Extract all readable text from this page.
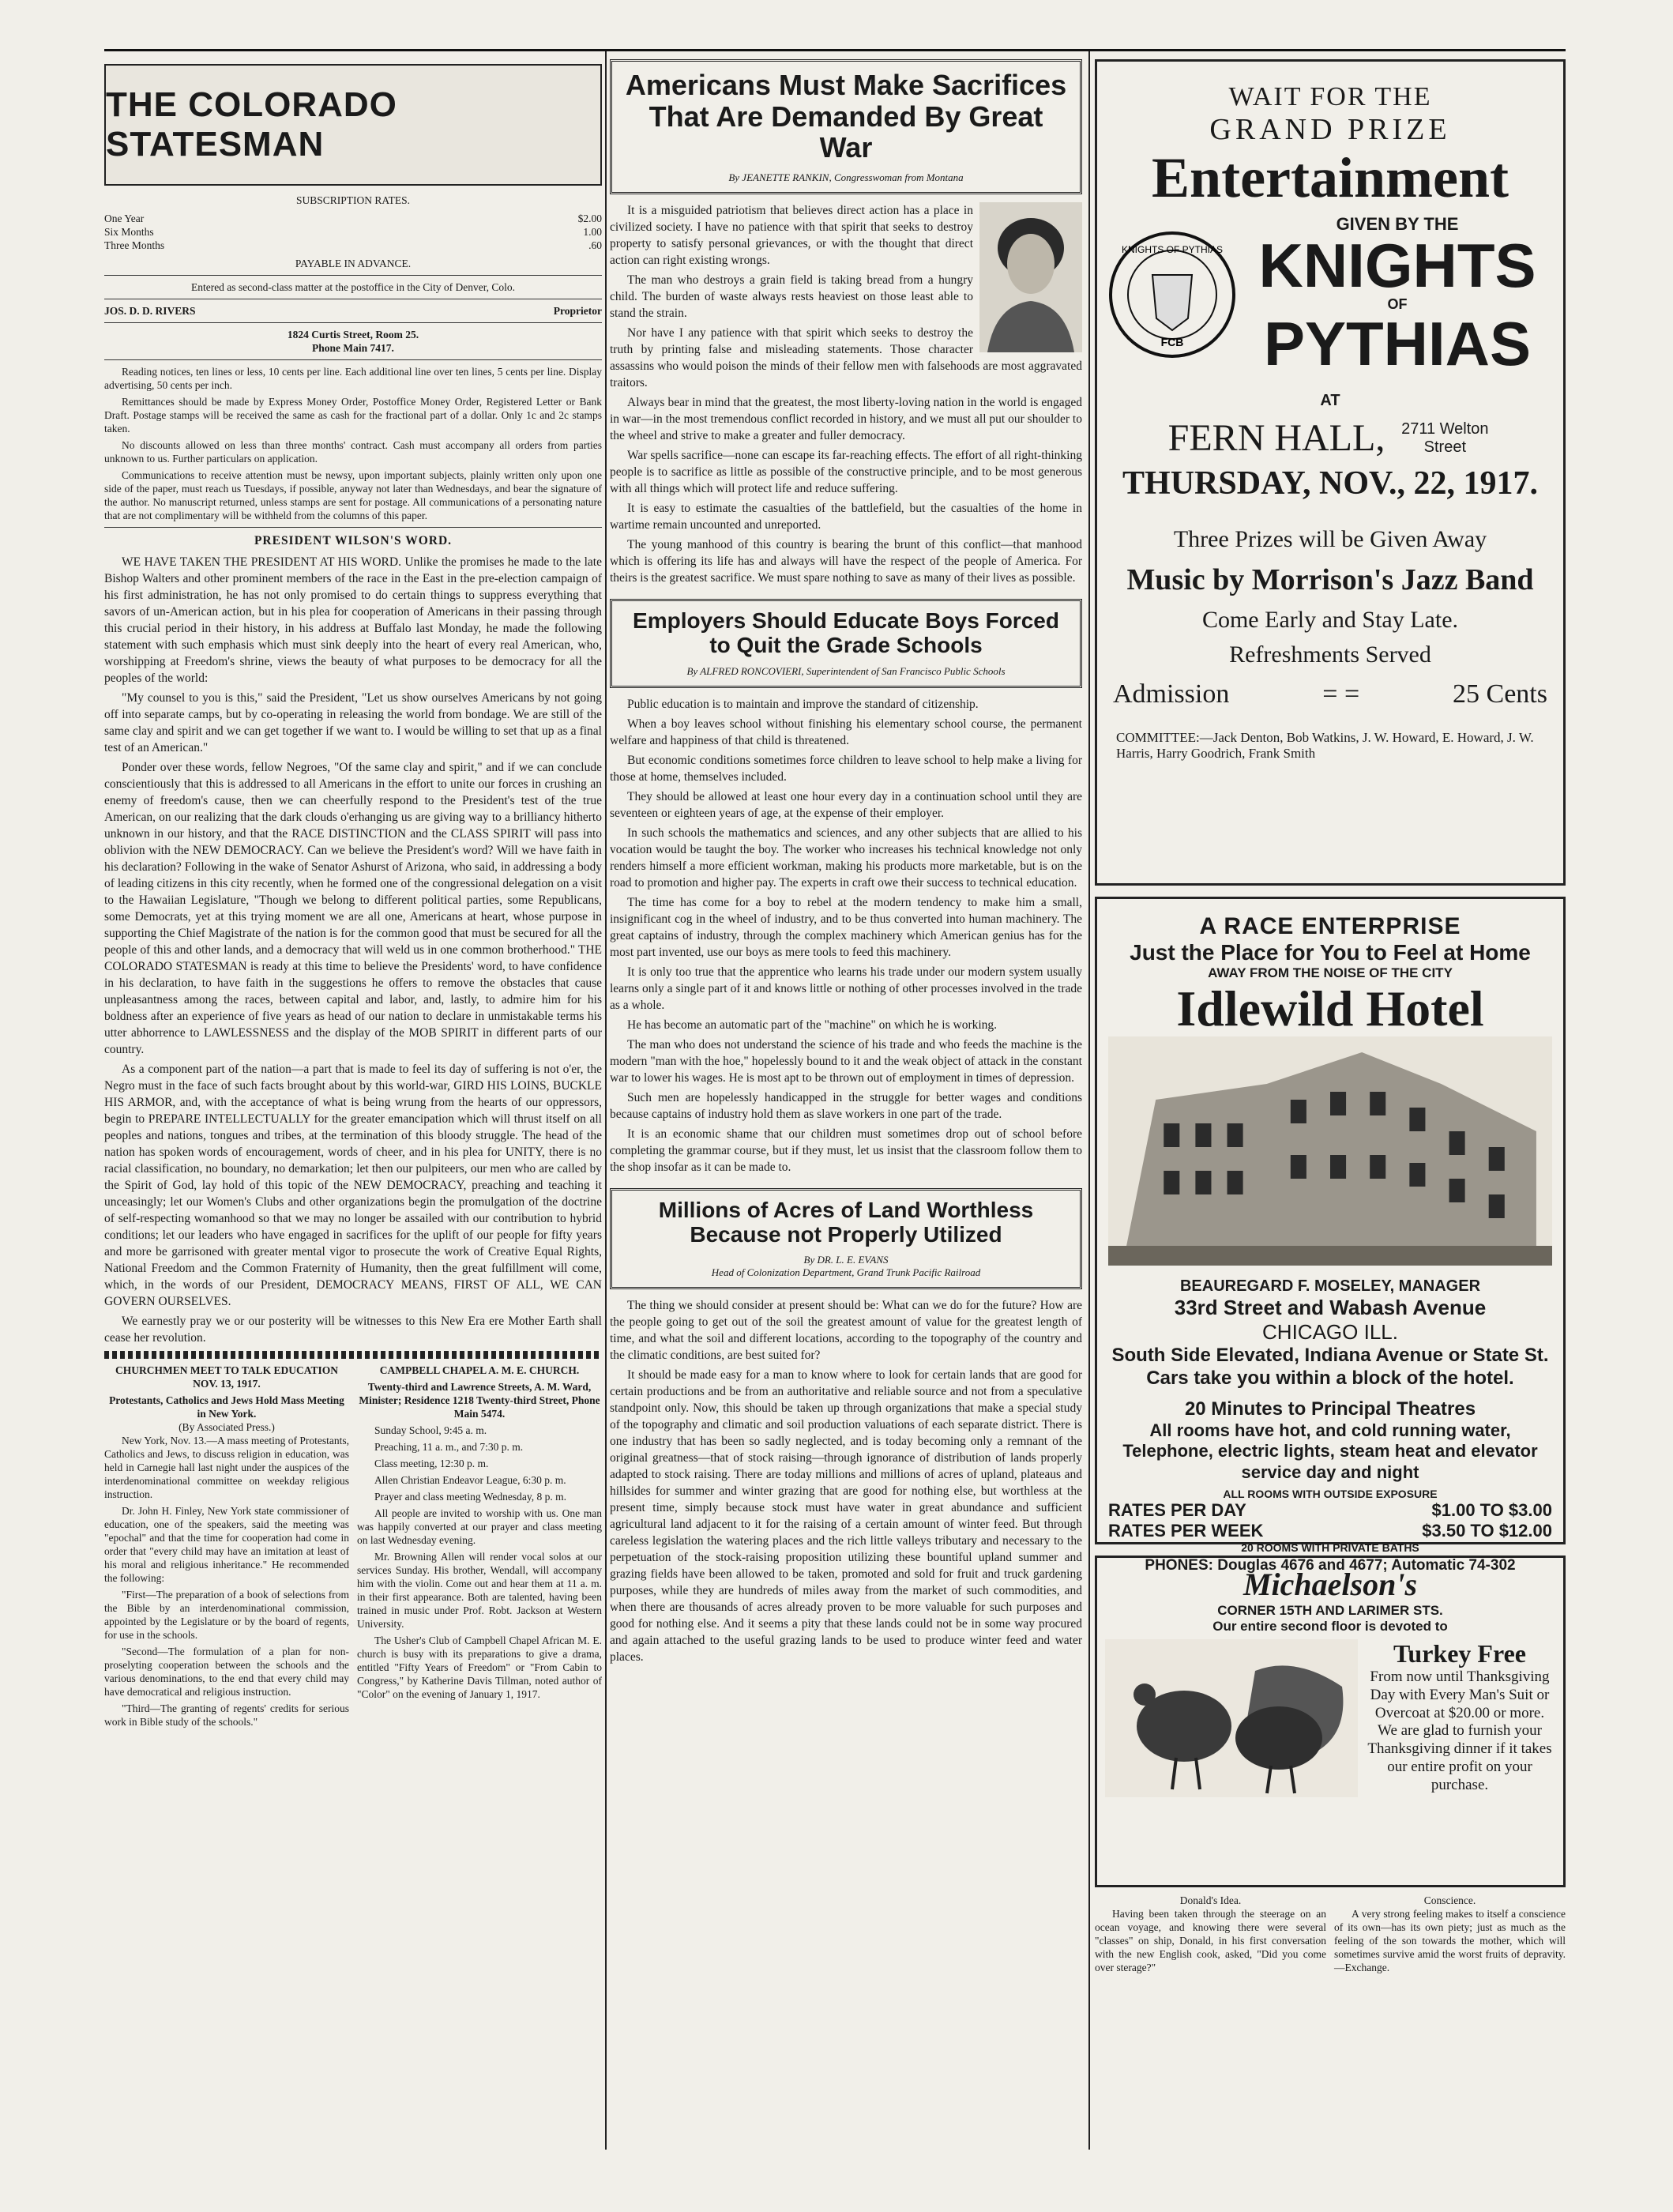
THE COLORADO STATESMAN
SUBSCRIPTION RATES.
One Year	$2.00
Six Months	1.00
Three Months	.60
PAYABLE IN ADVANCE.
Entered as second-class matter at the postoffice in the City of Denver, Colo.
JOS. D. D. RIVERS	Proprietor
1824 Curtis Street, Room 25.
Phone Main 7417.

Reading notices, ten lines or less, 10 cents per line. Each additional line over ten lines, 5 cents per line. Display advertising, 50 cents per inch.

Remittances should be made by Express Money Order, Postoffice Money Order, Registered Letter or Bank Draft. Postage stamps will be received the same as cash for the fractional part of a dollar. Only 1c and 2c stamps taken.

No discounts allowed on less than three months' contract. Cash must accompany all orders from parties unknown to us. Further particulars on application.

Communications to receive attention must be newsy, upon important subjects, plainly written only upon one side of the paper, must reach us Tuesdays, if possible, anyway not later than Wednesdays, and bear the signature of the author. No manuscript returned, unless stamps are sent for postage. All communications of a personating nature that are not complimentary will be withheld from the columns of this paper.

PRESIDENT WILSON'S WORD.

WE HAVE TAKEN THE PRESIDENT AT HIS WORD. Unlike the promises he made to the late Bishop Walters and other prominent members of the race in the East in the pre-election campaign of his first administration, he has not only promised to do certain things to suppress everything that savors of un-American action, but in his plea for cooperation of Americans in their passing through this crucial period in their history, in his address at Buffalo last Monday, he made the following statement with such emphasis which must sink deeply into the heart of every real American, who, worshipping at Freedom's shrine, views the beauty of what purposes to be democracy for all the peoples of the world:

"My counsel to you is this," said the President, "Let us show ourselves Americans by not going off into separate camps, but by co-operating in releasing the world from bondage. We are still of the same clay and spirit and we can get together if we want to. I would be willing to set that up as a final test of an American."

Ponder over these words, fellow Negroes, "Of the same clay and spirit," and if we can conclude conscientiously that this is addressed to all Americans in the effort to unite our forces in crushing an enemy of freedom's cause, then we can cheerfully respond to the President's test of the true American, on our realizing that the dark clouds o'erhanging us are giving way to a brilliancy hitherto unknown in our history, and that the RACE DISTINCTION and the CLASS SPIRIT will pass into oblivion with the NEW DEMOCRACY. Can we believe the President's word? Will we have faith in his declaration? Following in the wake of Senator Ashurst of Arizona, who said, in addressing a body of leading citizens in this city recently, when he formed one of the congressional delegation on a visit to the Hawaiian Legislature, "Though we belong to different political parties, some Republicans, some Democrats, yet at this trying moment we are all one, Americans at heart, whose purpose in supporting the Chief Magistrate of the nation is for the common good that must be secured for all the people of this and other lands, and a democracy that will weld us in one common brotherhood." THE COLORADO STATESMAN is ready at this time to believe the Presidents' word, to have confidence in his declaration, to have faith in the suggestions he offers to remove the obstacles that cause unpleasantness among the races, between capital and labor, and, lastly, to admire him for his boldness after an experience of five years as head of our nation to declare in unmistakable terms his utter abhorrence to LAWLESSNESS and the display of the MOB SPIRIT in different parts of our country.

As a component part of the nation—a part that is made to feel its day of suffering is not o'er, the Negro must in the face of such facts brought about by this world-war, GIRD HIS LOINS, BUCKLE HIS ARMOR, and, with the acceptance of what is being wrung from the hearts of our oppressors, begin to PREPARE INTELLECTUALLY for the greater emancipation which will thrust itself on all peoples and nations, tongues and tribes, at the termination of this bloody struggle. The head of the nation has spoken words of encouragement, words of cheer, and in his plea for UNITY, there is no racial classification, no boundary, no demarkation; let then our pulpiteers, our men who are called by the Spirit of God, lay hold of this topic of the NEW DEMOCRACY, preaching and teaching it unceasingly; let our Women's Clubs and other organizations begin the promulgation of the doctrine of self-respecting womanhood so that we may no longer be assailed with our contribution to hybrid conditions; let our leaders who have engaged in sacrifices for the uplift of our people for fifty years and more be garrisoned with greater mental vigor to prosecute the work of Creative Equal Rights, National Freedom and the Common Fraternity of Humanity, then the great fulfillment will come, which, in the words of our President, DEMOCRACY MEANS, FIRST OF ALL, WE CAN GOVERN OURSELVES.

We earnestly pray we or our posterity will be witnesses to this New Era ere Mother Earth shall cease her revolution.

CHURCHMEN MEET TO TALK EDUCATION NOV. 13, 1917.
Protestants, Catholics and Jews Hold Mass Meeting in New York.
(By Associated Press.)

New York, Nov. 13.—A mass meeting of Protestants, Catholics and Jews, to discuss religion in education, was held in Carnegie hall last night under the auspices of the interdenominational committee on weekday religious instruction.

Dr. John H. Finley, New York state commissioner of education, one of the speakers, said the meeting was "epochal" and that the time for cooperation had come in order that "every child may have an imitation at least of his moral and religious inheritance." He recommended the following:

"First—The preparation of a book of selections from the Bible by an interdenominational commission, appointed by the Legislature or by the board of regents, for use in the schools.

"Second—The formulation of a plan for non-proselyting cooperation between the schools and the various denominations, to the end that every child may have democratical and religious instruction.

"Third—The granting of regents' credits for serious work in Bible study of the schools."

CAMPBELL CHAPEL A. M. E. CHURCH.
Twenty-third and Lawrence Streets, A. M. Ward, Minister; Residence 1218 Twenty-third Street, Phone Main 5474.

Sunday School, 9:45 a. m.

Preaching, 11 a. m., and 7:30 p. m.

Class meeting, 12:30 p. m.

Allen Christian Endeavor League, 6:30 p. m.

Prayer and class meeting Wednesday, 8 p. m.

All people are invited to worship with us. One man was happily converted at our prayer and class meeting on last Wednesday evening.

Mr. Browning Allen will render vocal solos at our services Sunday. His brother, Wendall, will accompany him with the violin. Come out and hear them at 11 a. m. in their first appearance. Both are talented, having been trained in music under Prof. Robt. Jackson at Western University.

The Usher's Club of Campbell Chapel African M. E. church is busy with its preparations to give a drama, entitled "Fifty Years of Freedom" or "From Cabin to Congress," by Katherine Davis Tillman, noted author of "Color" on the evening of January 1, 1917.

Americans Must Make Sacrifices That Are Demanded By Great War
By JEANETTE RANKIN, Congresswoman from Montana

It is a misguided patriotism that believes direct action has a place in civilized society. I have no patience with that spirit that seeks to destroy property to satisfy personal grievances, or with the thought that direct action can right existing wrongs.

The man who destroys a grain field is taking bread from a hungry child. The burden of waste always rests heaviest on those least able to stand the strain.

Nor have I any patience with that spirit which seeks to destroy the truth by printing false and misleading statements. Those character assassins who would poison the minds of their fellow men with falsehoods are most aggravated traitors.

Always bear in mind that the greatest, the most liberty-loving nation in the world is engaged in war—in the most tremendous conflict recorded in history, and we must all put our shoulder to the wheel and strive to make a greater and fuller democracy.

War spells sacrifice—none can escape its far-reaching effects. The effort of all right-thinking people is to sacrifice as little as possible of the constructive principle, and to be most generous with all things which will protect life and reduce suffering.

It is easy to estimate the casualties of the battlefield, but the casualties of the home in wartime remain uncounted and unreported.

The young manhood of this country is bearing the brunt of this conflict—that manhood which is offering its life has and always will have the respect of the people of America. For theirs is the greatest sacrifice. We must spare nothing to save as many of their lives as possible.

Employers Should Educate Boys Forced to Quit the Grade Schools
By ALFRED RONCOVIERI, Superintendent of San Francisco Public Schools

Public education is to maintain and improve the standard of citizenship.

When a boy leaves school without finishing his elementary school course, the permanent welfare and happiness of that child is threatened.

But economic conditions sometimes force children to leave school to help make a living for those at home, themselves included.

They should be allowed at least one hour every day in a continuation school until they are seventeen or eighteen years of age, at the expense of their employer.

In such schools the mathematics and sciences, and any other subjects that are allied to his vocation would be taught the boy. The worker who increases his technical knowledge not only renders himself a more efficient workman, making his products more marketable, but is on the road to promotion and higher pay. The experts in craft owe their success to technical education.

The time has come for a boy to rebel at the modern tendency to make him a small, insignificant cog in the wheel of industry, and to be thus converted into human machinery. The great captains of industry, through the complex machinery which American genius has for the most part invented, use our boys as mere tools to feed this machinery.

It is only too true that the apprentice who learns his trade under our modern system usually learns only a single part of it and knows little or nothing of other processes involved in the trade as a whole.

He has become an automatic part of the "machine" on which he is working.

The man who does not understand the science of his trade and who feeds the machine is the modern "man with the hoe," hopelessly bound to it and the weak object of attack in the constant war to lower his wages. He is most apt to be thrown out of employment in times of depression.

Such men are hopelessly handicapped in the struggle for better wages and conditions because captains of industry hold them as slave workers in one part of the trade.

It is an economic shame that our children must sometimes drop out of school before completing the grammar course, but if they must, let us insist that the classroom follow them to the shop insofar as it can be made to.

Millions of Acres of Land Worthless Because not Properly Utilized
By DR. L. E. EVANS
Head of Colonization Department, Grand Trunk Pacific Railroad

The thing we should consider at present should be: What can we do for the future? How are the people going to get out of the soil the greatest amount of value for the greatest length of time, and what the soil and different locations, according to the topography of the country and the climatic conditions, are best suited for?

It should be made easy for a man to know where to look for certain lands that are good for certain productions and be from an authoritative and reliable source and not from a speculative standpoint only. Now, this should be taken up through organizations that make a special study of the topography and climatic and soil production valuations of each separate district. There is one industry that has been so sadly neglected, and is today becoming only a remnant of the original greatness—that of stock raising—through ignorance of distribution of lands properly adapted to stock raising. There are today millions and millions of acres of upland, plateaus and hillsides for summer and winter grazing that are good for nothing else, but worthless at the present time, simply because stock must have water in great abundance and sufficient agricultural land adjacent to it for the raising of a certain amount of winter feed. But through careless legislation the watering places and the rich little valleys tributary and necessary to the perpetuation of the stock-raising proposition utilizing these bountiful upland summer and grazing fields have been allowed to be taken, promoted and sold for fruit and truck gardening purposes, while they are hundreds of miles away from the market of such commodities, and when there are thousands of acres already proven to be more valuable for such purposes and good for nothing else. And it seems a pity that these lands could not be in some way procured and again attached to the useful grazing lands to be used to produce winter feed and water places.

WAIT FOR THE
GRAND PRIZE
Entertainment
KNIGHTS OF PYTHIAS
FCB
GIVEN BY THE
KNIGHTS
OF
PYTHIAS
AT
FERN HALL, 2711 Welton Street
THURSDAY, NOV., 22, 1917.
Three Prizes will be Given Away
Music by Morrison's Jazz Band
Come Early and Stay Late.
Refreshments Served
Admission	= =	25 Cents
COMMITTEE:—Jack Denton, Bob Watkins, J. W. Howard, E. Howard, J. W. Harris, Harry Goodrich, Frank Smith
A RACE ENTERPRISE
Just the Place for You to Feel at Home
AWAY FROM THE NOISE OF THE CITY
Idlewild Hotel
BEAUREGARD F. MOSELEY, MANAGER
33rd Street and Wabash Avenue
CHICAGO ILL.
South Side Elevated, Indiana Avenue or State St. Cars take you within a block of the hotel.
20 Minutes to Principal Theatres
All rooms have hot, and cold running water, Telephone, electric lights, steam heat and elevator service day and night
ALL ROOMS WITH OUTSIDE EXPOSURE
RATES PER DAY	$1.00 TO $3.00
RATES PER WEEK	$3.50 TO $12.00
20 ROOMS WITH PRIVATE BATHS
PHONES: Douglas 4676 and 4677; Automatic 74-302
Michaelson's
CORNER 15TH AND LARIMER STS.
Our entire second floor is devoted to
Turkey Free
From now until Thanksgiving Day with Every Man's Suit or Overcoat at $20.00 or more. We are glad to furnish your Thanksgiving dinner if it takes our entire profit on your purchase.
Donald's Idea.

Having been taken through the steerage on an ocean voyage, and knowing there were several "classes" on ship, Donald, in his first conversation with the new English cook, asked, "Did you come over sterage?"

Conscience.

A very strong feeling makes to itself a conscience of its own—has its own piety; just as much as the feeling of the son towards the mother, which will sometimes survive amid the worst fruits of depravity.—Exchange.
